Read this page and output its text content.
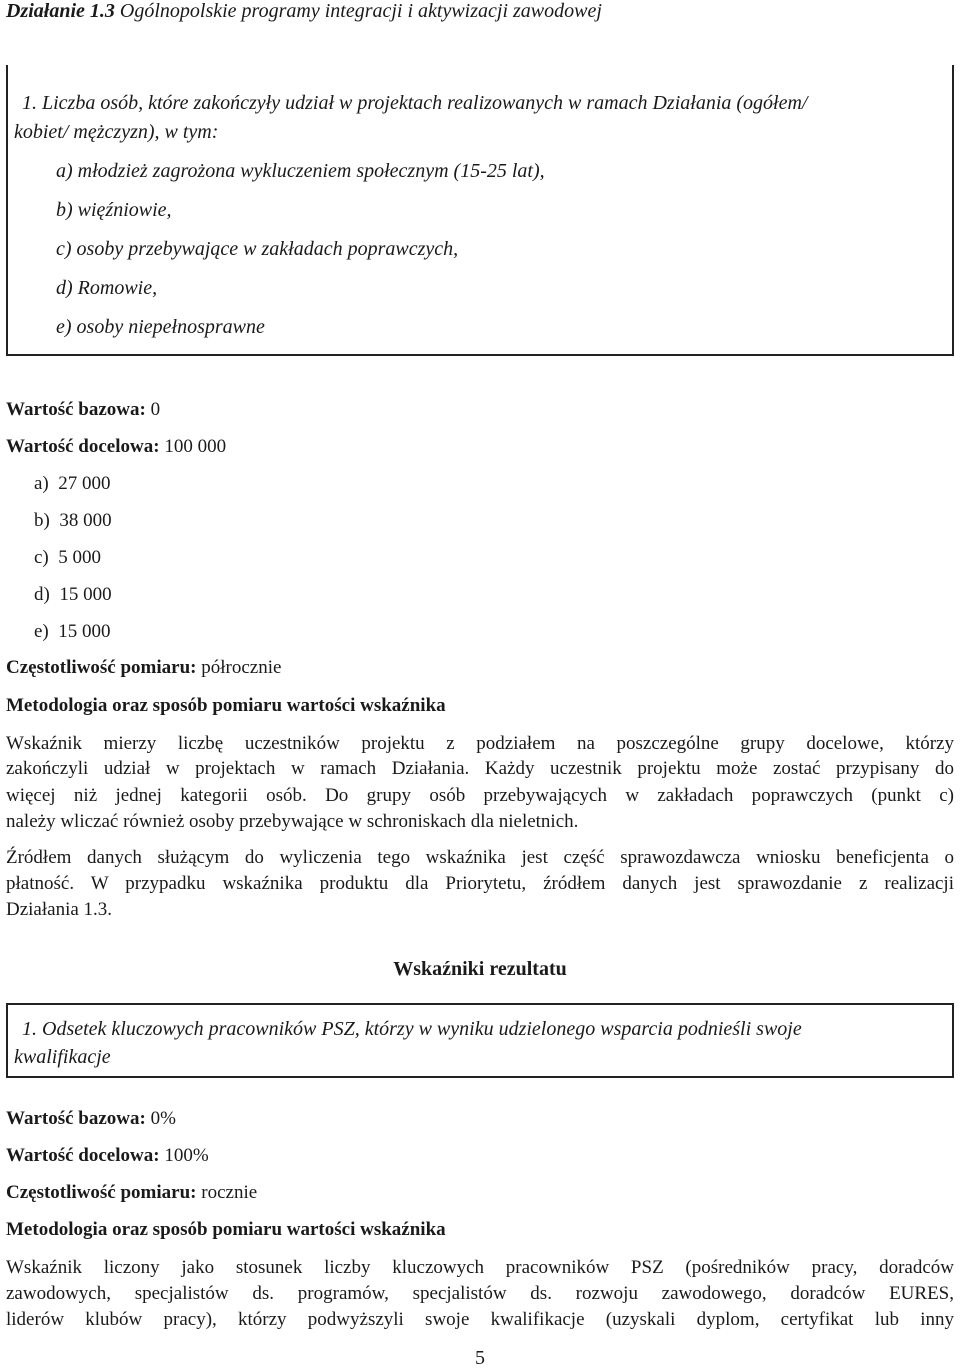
Działanie 1.3 Ogólnopolskie programy integracji i aktywizacji zawodowej
1. Liczba osób, które zakończyły udział w projektach realizowanych w ramach Działania (ogółem/
kobiet/ mężczyzn), w tym:
a) młodzież zagrożona wykluczeniem społecznym (15-25 lat),
b) więźniowie,
c) osoby przebywające w zakładach poprawczych,
d) Romowie,
e) osoby niepełnosprawne
Wartość bazowa: 0
Wartość docelowa: 100 000
a) 27 000
b) 38 000
c) 5 000
d) 15 000
e) 15 000
Częstotliwość pomiaru: półrocznie
Metodologia oraz sposób pomiaru wartości wskaźnika
Wskaźnik mierzy liczbę uczestników projektu z podziałem na poszczególne grupy docelowe, którzy
zakończyli udział w projektach w ramach Działania. Każdy uczestnik projektu może zostać przypisany do
więcej niż jednej kategorii osób. Do grupy osób przebywających w zakładach poprawczych (punkt c)
należy wliczać również osoby przebywające w schroniskach dla nieletnich.
Źródłem danych służącym do wyliczenia tego wskaźnika jest część sprawozdawcza wniosku beneficjenta o
płatność. W przypadku wskaźnika produktu dla Priorytetu, źródłem danych jest sprawozdanie z realizacji
Działania 1.3.
Wskaźniki rezultatu
1. Odsetek kluczowych pracowników PSZ, którzy w wyniku udzielonego wsparcia podnieśli swoje
kwalifikacje
Wartość bazowa: 0%
Wartość docelowa: 100%
Częstotliwość pomiaru: rocznie
Metodologia oraz sposób pomiaru wartości wskaźnika
Wskaźnik liczony jako stosunek liczby kluczowych pracowników PSZ (pośredników pracy, doradców
zawodowych, specjalistów ds. programów, specjalistów ds. rozwoju zawodowego, doradców EURES,
liderów klubów pracy), którzy podwyższyli swoje kwalifikacje (uzyskali dyplom, certyfikat lub inny
5
